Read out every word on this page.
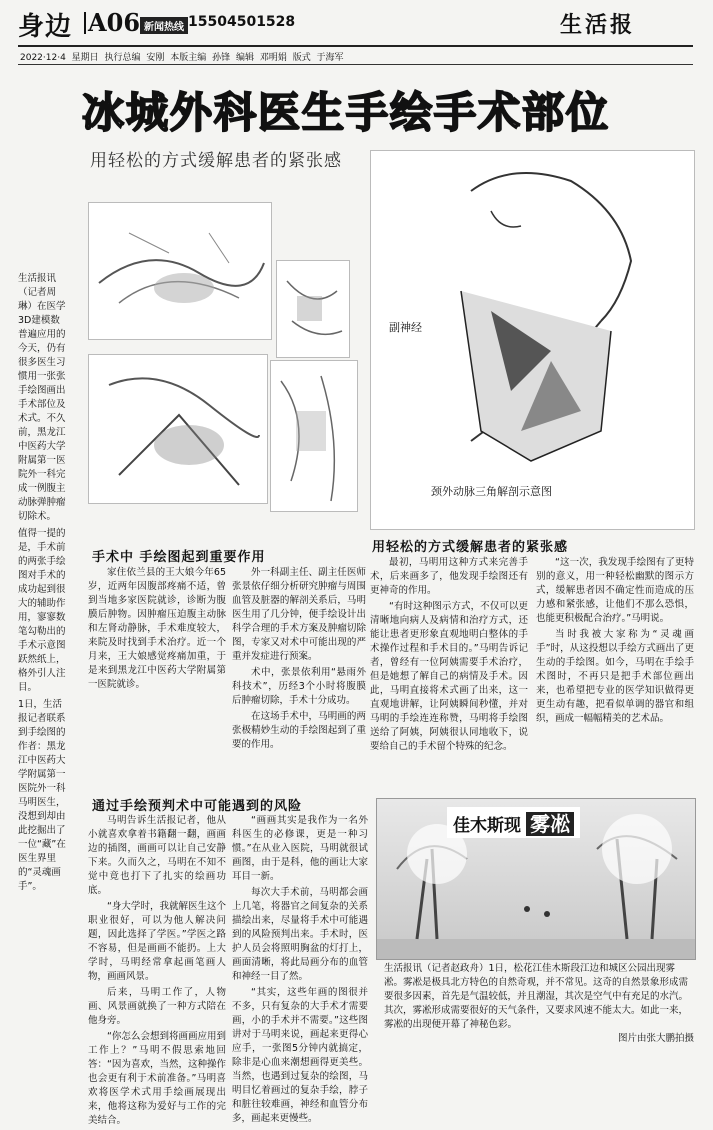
身边 A06 新闻热线 15504501528	生活报
2022·12·4 星期日 执行总编 安刚 本版主编 孙锋 编辑 邓明娟 版式 于海军
冰城外科医生手绘手术部位
用轻松的方式缓解患者的紧张感

生活报讯（记者周琳）在医学3D建模数普遍应用的今天，仍有很多医生习惯用一张张手绘图画出手术部位及术式。不久前，黑龙江中医药大学附属第一医院外一科完成一例腹主动脉弹肿瘤切除术。

值得一提的是，手术前的两张手绘图对手术的成功起到很大的辅助作用，寥寥数笔勾勒出的手术示意图跃然纸上，格外引人注目。

1日，生活报记者联系到手绘图的作者：黑龙江中医药大学附属第一医院外一科马明医生，没想到却由此挖掘出了一位“藏”在医生界里的“灵魂画手”。

副神经
颈外动脉三角解剖示意图
手术中 手绘图起到重要作用

家住依兰县的王大娘今年65岁，近两年因腹部疼痛不适，曾到当地多家医院就诊，诊断为腹膜后肿物。因肿瘤压迫腹主动脉和左肾动静脉，手术难度较大，来院及时找到手术治疗。近一个月来，王大娘感觉疼痛加重，于是来到黑龙江中医药大学附属第一医院就诊。

外一科副主任、副主任医师张景依仔细分析研究肿瘤与周围血管及脏器的解剖关系后，马明医生用了几分钟，便手绘设计出科学合理的手术方案及肿瘤切除图，专家又对术中可能出现的严重并发症进行预案。

术中，张景依利用“悬雨外科技术”，历经3个小时将腹膜后肿瘤切除，手术十分成功。

在这场手术中，马明画的两张极精妙生动的手绘图起到了重要的作用。

用轻松的方式缓解患者的紧张感

最初，马明用这种方式来完善手术，后来画多了，他发现手绘图还有更神奇的作用。

“有时这种图示方式，不仅可以更清晰地向病人及病情和治疗方式，还能让患者更形象直观地明白整体的手术操作过程和手术目的。”马明告诉记者，曾经有一位阿姨需要手术治疗，但是她想了解自己的病情及手术。因此，马明直接将术式画了出来，这一直观地讲解，让阿姨瞬间秒懂，并对马明的手绘连连称赞，马明将手绘图送给了阿姨，阿姨很认同地收下，说要给自己的手术留个特殊的纪念。

“这一次，我发现手绘图有了更特别的意义，用一种轻松幽默的图示方式，缓解患者因不确定性而造成的压力感和紧张感，让他们不那么恐惧，也能更积极配合治疗。”马明说。

当时我被大家称为“灵魂画手”时，从这投想以手绘方式画出了更生动的手绘图。如今，马明在手绘手术图时，不再只是把手术部位画出来，也希望把专业的医学知识做得更更生动有趣，把看似单调的器官和组织，画成一幅幅精美的艺术品。

通过手绘预判术中可能遇到的风险

马明告诉生活报记者，他从小就喜欢拿着书籍翻一翻，画画边的插图，画画可以让自己安静下来。久而久之，马明在不知不觉中竟也打下了扎实的绘画功底。

“身大学时，我就解医生这个职业很好，可以为他人解决问题，因此选择了学医。”学医之路不容易，但是画画不能扔。上大学时，马明经常拿起画笔画人物，画画风景。

后来，马明工作了，人物画、风景画就换了一种方式陪在他身旁。

“你怎么会想到将画画应用到工作上？”马明不假思索地回答：“因为喜欢，当然，这种操作也会更有利于术前准备。”马明喜欢将医学术式用手绘画展现出来，他将这称为爱好与工作的完美结合。

“画画其实是我作为一名外科医生的必修课，更是一种习惯。”在从业入医院，马明就很试画图，由于是科，他的画让大家耳目一新。

每次大手术前，马明都会画上几笔，将器官之间复杂的关系描绘出来，尽量将手术中可能遇到的风险预判出来。手术时，医护人员会将照明胸盆的灯打上，画面清晰，将此局画分布的血管和神经一目了然。

“其实，这些年画的图很并不多，只有复杂的大手术才需要画，小的手术并不需要。”这些图讲对于马明来说，画起来更得心应手，一张图5分钟内就搞定，除非是心血来潮想画得更美些。当然，也遇到过复杂的绘图，马明目忆着画过的复杂手绘，脖子和脏往较难画，神经和血管分布多，画起来更慢些。

佳木斯现 雾凇
生活报讯（记者赵政舟）1日，松花江佳木斯段江边和城区公园出现雾凇。雾凇是极具北方特色的自然奇观，并不常见。这奇的自然景象形成需要很多因素，首先是气温较低，并且潮湿，其次是空气中有充足的水汽。其次，雾凇形成需要很好的天气条件，又要求风速不能太大。如此一来，雾凇的出现便开幕了神秘色彩。
图片由张大鹏拍摄
